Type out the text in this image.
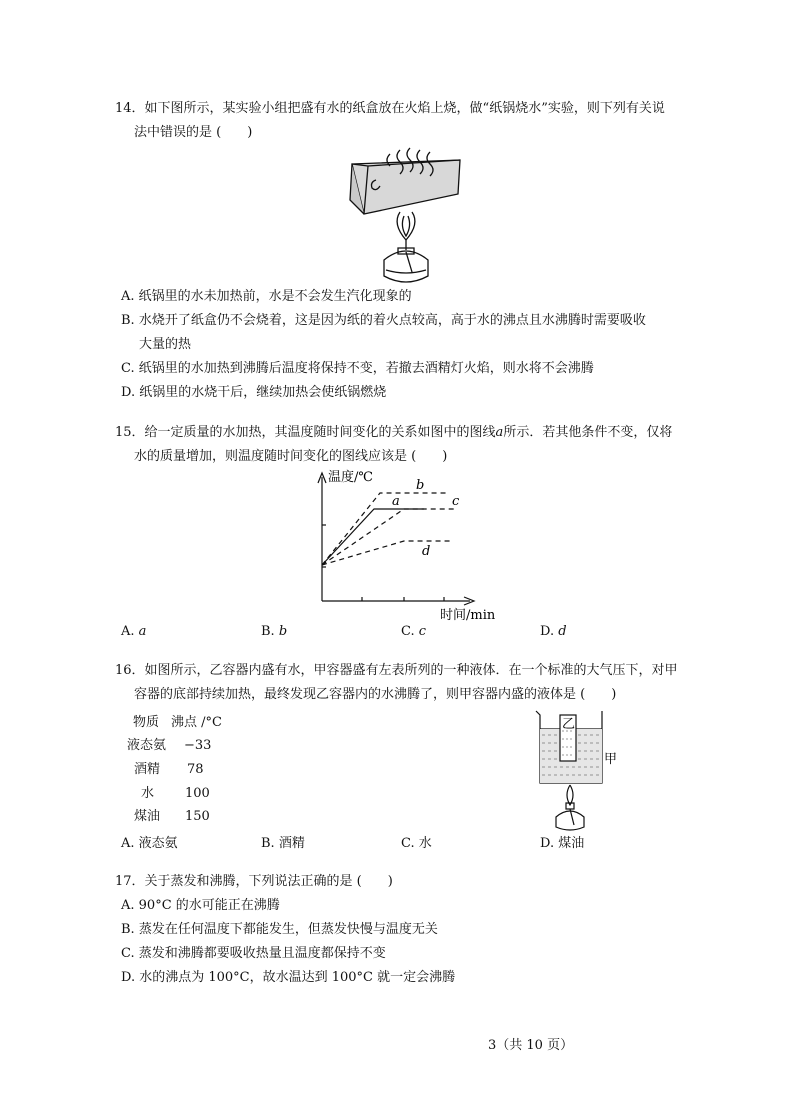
14．如下图所示，某实验小组把盛有水的纸盒放在火焰上烧，做“纸锅烧水”实验，则下列有关说
法中错误的是 (　　)
A. 纸锅里的水未加热前，水是不会发生汽化现象的
B. 水烧开了纸盒仍不会烧着，这是因为纸的着火点较高，高于水的沸点且水沸腾时需要吸收
大量的热
C. 纸锅里的水加热到沸腾后温度将保持不变，若撤去酒精灯火焰，则水将不会沸腾
D. 纸锅里的水烧干后，继续加热会使纸锅燃烧
15．给一定质量的水加热，其温度随时间变化的关系如图中的图线a所示．若其他条件不变，仅将
水的质量增加，则温度随时间变化的图线应该是 (　　)
温度/℃
时间/min
a
b
c
d
A. a	B. b	C. c	D. d
16．如图所示，乙容器内盛有水，甲容器盛有左表所列的一种液体．在一个标准的大气压下，对甲
容器的底部持续加热，最终发现乙容器内的水沸腾了，则甲容器内盛的液体是 (　　)
物质 沸点 /°C
液态氨 −33
酒精 78
水 100
煤油 150
乙
甲
A. 液态氨	B. 酒精	C. 水	D. 煤油
17．关于蒸发和沸腾，下列说法正确的是 (　　)
A. 90°C 的水可能正在沸腾
B. 蒸发在任何温度下都能发生，但蒸发快慢与温度无关
C. 蒸发和沸腾都要吸收热量且温度都保持不变
D. 水的沸点为 100°C，故水温达到 100°C 就一定会沸腾
3（共 10 页）
